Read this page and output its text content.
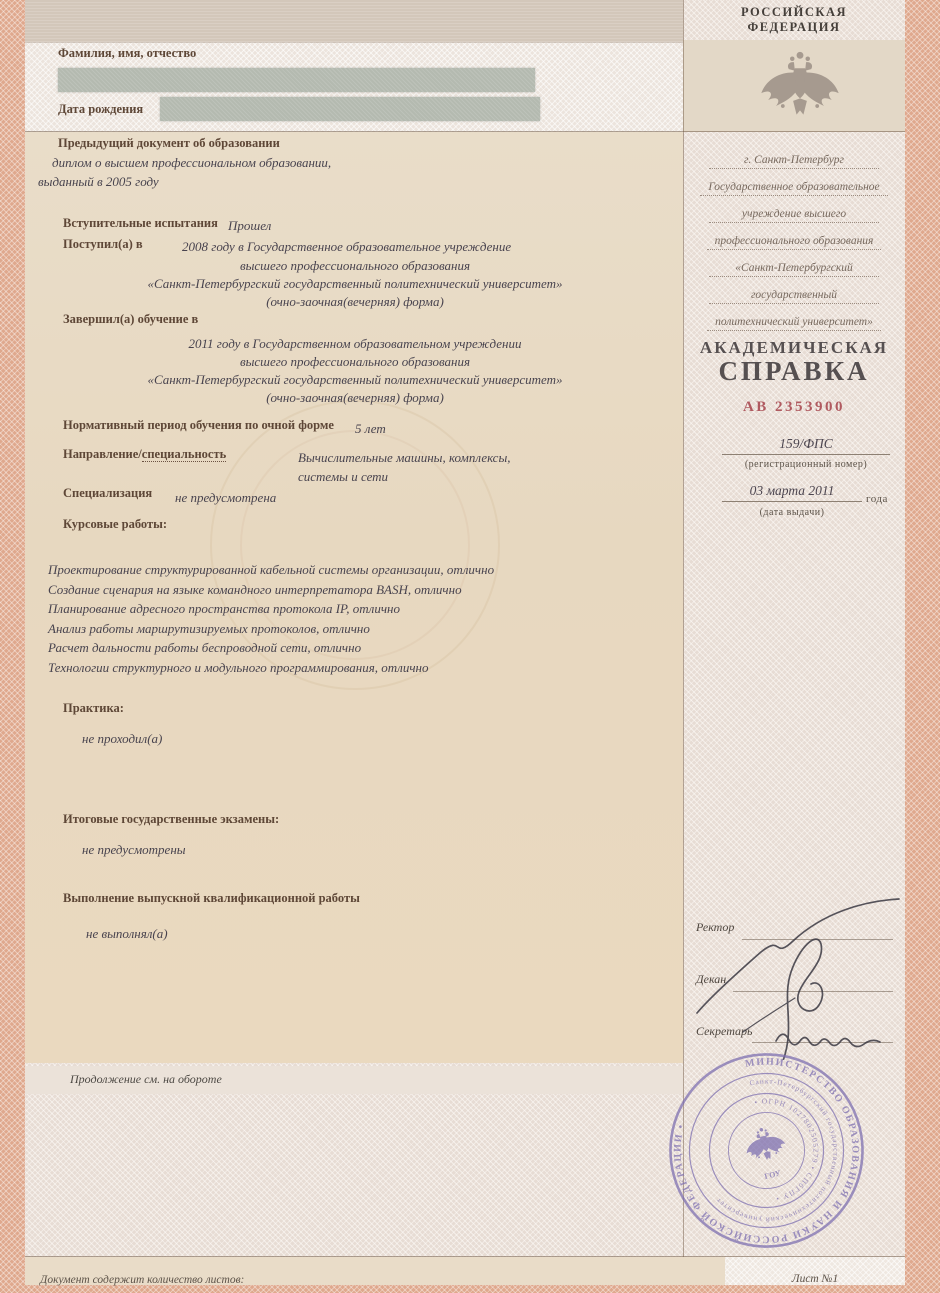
Фамилия, имя, отчество
Дата рождения
РОССИЙСКАЯ
ФЕДЕРАЦИЯ
Предыдущий документ об образовании
диплом о высшем профессиональном образовании,
выданный в 2005 году
Вступительные испытания Прошел
Поступил(а) в	2008 году в Государственное образовательное учреждение
высшего профессионального образования
«Санкт-Петербургский государственный политехнический университет»
(очно-заочная(вечерняя) форма)
Завершил(а) обучение в
2011 году в Государственном образовательном учреждении
высшего профессионального образования
«Санкт-Петербургский государственный политехнический университет»
(очно-заочная(вечерняя) форма)
Нормативный период обучения по очной форме 5 лет
Направление/специальность	Вычислительные машины, комплексы,
системы и сети
Специализация не предусмотрена
Курсовые работы:
Проектирование структурированной кабельной системы организации, отлично
Создание сценария на языке командного интерпретатора BASH, отлично
Планирование адресного пространства протокола IP, отлично
Анализ работы маршрутизируемых протоколов, отлично
Расчет дальности работы беспроводной сети, отлично
Технологии структурного и модульного программирования, отлично
Практика:
не проходил(а)
Итоговые государственные экзамены:
не предусмотрены
Выполнение выпускной квалификационной работы
не выполнял(а)
г. Санкт-Петербург Государственное образовательное учреждение высшего профессионального образования «Санкт-Петербургский государственный политехнический университет»
АКАДЕМИЧЕСКАЯ
СПРАВКА
АВ 2353900
159/ФПС
(регистрационный номер)
03 марта 2011
года
(дата выдачи)
Ректор
Декан
Секретарь
МИНИСТЕРСТВО ОБРАЗОВАНИЯ И НАУКИ РОССИЙСКОЙ ФЕДЕРАЦИИ •
Санкт-Петербургский государственный политехнический университет
• ОГРН 1027802505279 • СПбГПУ •
ГОУ
Продолжение см. на обороте
Документ содержит количество листов:	Лист №1
